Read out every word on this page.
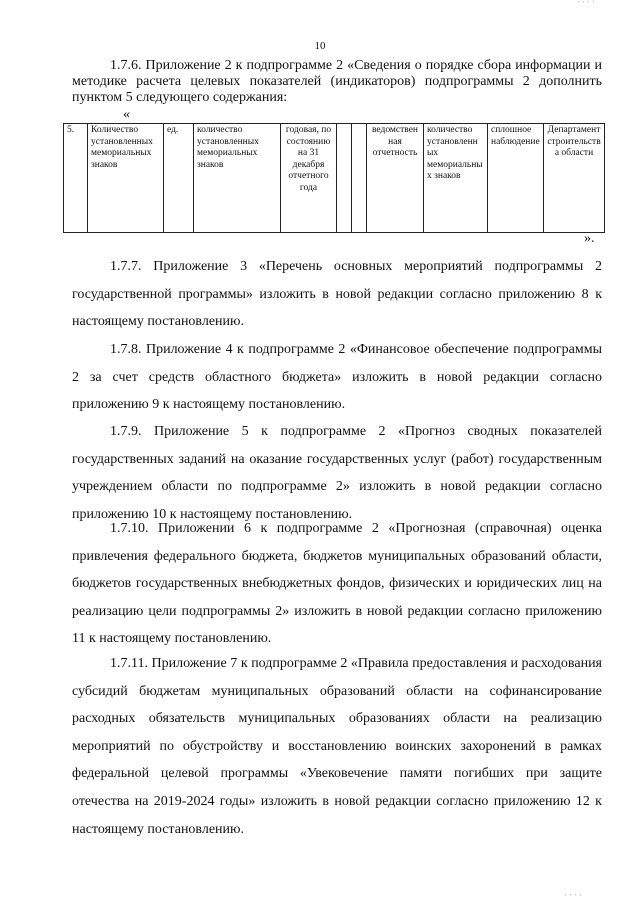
10

1.7.6. Приложение 2 к подпрограмме 2 «Сведения о порядке сбора информации и методике расчета целевых показателей (индикаторов) подпрограммы 2 дополнить пунктом 5 следующего содержания:

«
5.	Количество установленных мемориальных знаков	ед.	количество установленных мемориальных знаков	годовая, по состоянию на 31 декабря отчетного года			ведомственная отчетность	количество установленных мемориальных знаков	сплошное наблюдение	Департамент строительства области
».

1.7.7. Приложение 3 «Перечень основных мероприятий подпрограммы 2 государственной программы» изложить в новой редакции согласно приложению 8 к настоящему постановлению.

1.7.8. Приложение 4 к подпрограмме 2 «Финансовое обеспечение подпрограммы 2 за счет средств областного бюджета» изложить в новой редакции согласно приложению 9 к настоящему постановлению.

1.7.9. Приложение 5 к подпрограмме 2 «Прогноз сводных показателей государственных заданий на оказание государственных услуг (работ) государственным учреждением области по подпрограмме 2» изложить в новой редакции согласно приложению 10 к настоящему постановлению.

1.7.10. Приложении 6 к подпрограмме 2 «Прогнозная (справочная) оценка привлечения федерального бюджета, бюджетов муниципальных образований области, бюджетов государственных внебюджетных фондов, физических и юридических лиц на реализацию цели подпрограммы 2» изложить в новой редакции согласно приложению 11 к настоящему постановлению.

1.7.11. Приложение 7 к подпрограмме 2 «Правила предоставления и расходования субсидий бюджетам муниципальных образований области на софинансирование расходных обязательств муниципальных образованиях области на реализацию мероприятий по обустройству и восстановлению воинских захоронений в рамках федеральной целевой программы «Увековечение памяти погибших при защите отечества на 2019-2024 годы» изложить в новой редакции согласно приложению 12 к настоящему постановлению.

' ' ' '
' ' ' '
